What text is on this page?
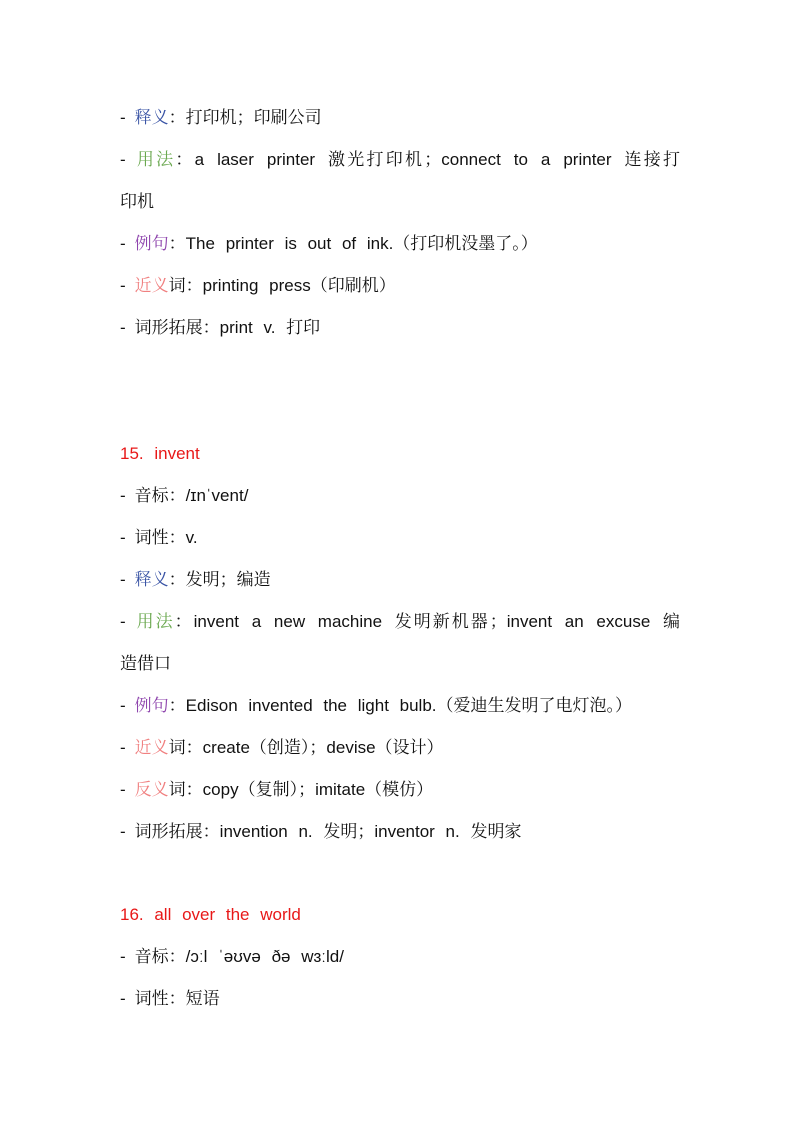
- 释义：打印机；印刷公司
- 用法：a laser printer 激光打印机；connect to a printer 连接打
印机
- 例句：The printer is out of ink.（打印机没墨了。）
- 近义词：printing press（印刷机）
- 词形拓展：print v. 打印
15. invent
- 音标：/ɪnˈvent/
- 词性：v.
- 释义：发明；编造
- 用法：invent a new machine 发明新机器；invent an excuse 编
造借口
- 例句：Edison invented the light bulb.（爱迪生发明了电灯泡。）
- 近义词：create（创造）；devise（设计）
- 反义词：copy（复制）；imitate（模仿）
- 词形拓展：invention n. 发明；inventor n. 发明家
16. all over the world
- 音标：/ɔːl ˈəʊvə ðə wɜːld/
- 词性：短语
